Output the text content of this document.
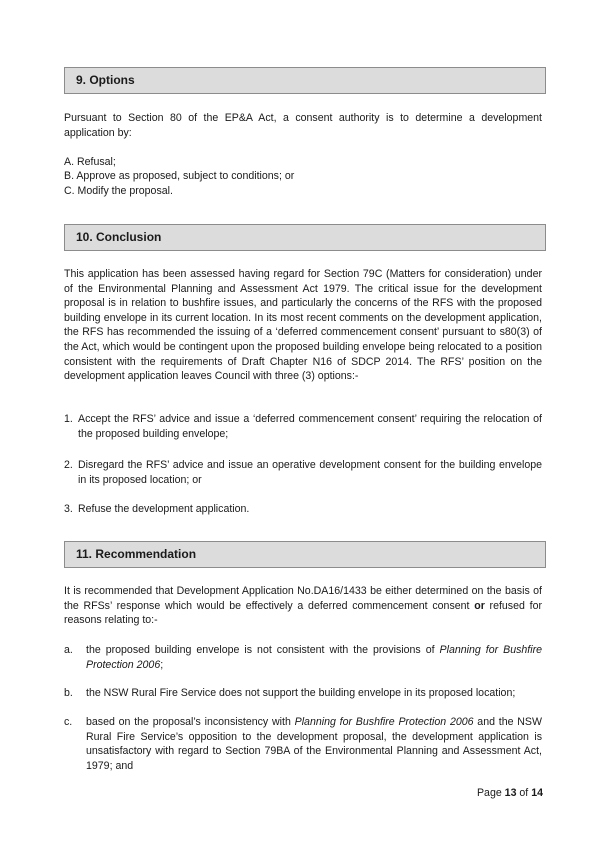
9. Options

Pursuant to Section 80 of the EP&A Act, a consent authority is to determine a development application by:

A. Refusal;

B. Approve as proposed, subject to conditions; or

C. Modify the proposal.

10. Conclusion

This application has been assessed having regard for Section 79C (Matters for consideration) under of the Environmental Planning and Assessment Act 1979. The critical issue for the development proposal is in relation to bushfire issues, and particularly the concerns of the RFS with the proposed building envelope in its current location. In its most recent comments on the development application, the RFS has recommended the issuing of a ‘deferred commencement consent’ pursuant to s80(3) of the Act, which would be contingent upon the proposed building envelope being relocated to a position consistent with the requirements of Draft Chapter N16 of SDCP 2014. The RFS’ position on the development application leaves Council with three (3) options:-

1. Accept the RFS’ advice and issue a ‘deferred commencement consent’ requiring the relocation of the proposed building envelope;
2. Disregard the RFS’ advice and issue an operative development consent for the building envelope in its proposed location; or
3. Refuse the development application.
11. Recommendation

It is recommended that Development Application No.DA16/1433 be either determined on the basis of the RFSs’ response which would be effectively a deferred commencement consent or refused for reasons relating to:-

a.	the proposed building envelope is not consistent with the provisions of Planning for Bushfire Protection 2006;
b.	the NSW Rural Fire Service does not support the building envelope in its proposed location;
c.	based on the proposal’s inconsistency with Planning for Bushfire Protection 2006 and the NSW Rural Fire Service’s opposition to the development proposal, the development application is unsatisfactory with regard to Section 79BA of the Environmental Planning and Assessment Act, 1979; and
Page 13 of 14
